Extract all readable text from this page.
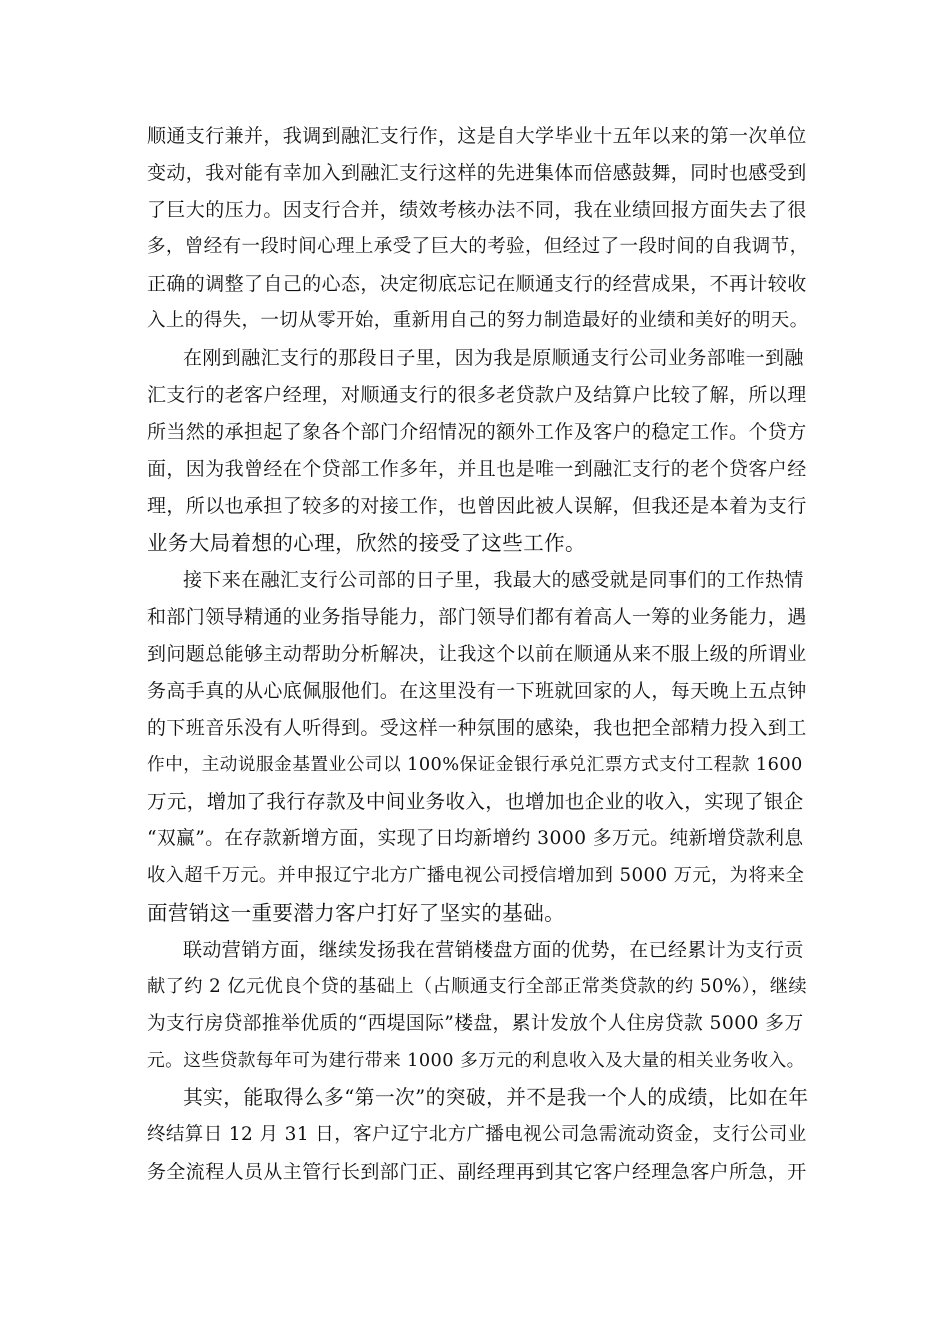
顺通支行兼并，我调到融汇支行作，这是自大学毕业十五年以来的第一次单位
变动，我对能有幸加入到融汇支行这样的先进集体而倍感鼓舞，同时也感受到
了巨大的压力。因支行合并，绩效考核办法不同，我在业绩回报方面失去了很
多，曾经有一段时间心理上承受了巨大的考验，但经过了一段时间的自我调节，
正确的调整了自己的心态，决定彻底忘记在顺通支行的经营成果，不再计较收
入上的得失，一切从零开始，重新用自己的努力制造最好的业绩和美好的明天。
在刚到融汇支行的那段日子里，因为我是原顺通支行公司业务部唯一到融
汇支行的老客户经理，对顺通支行的很多老贷款户及结算户比较了解，所以理
所当然的承担起了象各个部门介绍情况的额外工作及客户的稳定工作。个贷方
面，因为我曾经在个贷部工作多年，并且也是唯一到融汇支行的老个贷客户经
理，所以也承担了较多的对接工作，也曾因此被人误解，但我还是本着为支行
业务大局着想的心理，欣然的接受了这些工作。
接下来在融汇支行公司部的日子里，我最大的感受就是同事们的工作热情
和部门领导精通的业务指导能力，部门领导们都有着高人一筹的业务能力，遇
到问题总能够主动帮助分析解决，让我这个以前在顺通从来不服上级的所谓业
务高手真的从心底佩服他们。在这里没有一下班就回家的人，每天晚上五点钟
的下班音乐没有人听得到。受这样一种氛围的感染，我也把全部精力投入到工
作中，主动说服金基置业公司以 100%保证金银行承兑汇票方式支付工程款 1600
万元，增加了我行存款及中间业务收入，也增加也企业的收入，实现了银企
“双赢”。在存款新增方面，实现了日均新增约 3000 多万元。纯新增贷款利息
收入超千万元。并申报辽宁北方广播电视公司授信增加到 5000 万元，为将来全
面营销这一重要潜力客户打好了坚实的基础。
联动营销方面，继续发扬我在营销楼盘方面的优势，在已经累计为支行贡
献了约 2 亿元优良个贷的基础上（占顺通支行全部正常类贷款的约 50%），继续
为支行房贷部推举优质的“西堤国际”楼盘，累计发放个人住房贷款 5000 多万
元。这些贷款每年可为建行带来 1000 多万元的利息收入及大量的相关业务收入。
其实，能取得么多“第一次”的突破，并不是我一个人的成绩，比如在年
终结算日 12 月 31 日，客户辽宁北方广播电视公司急需流动资金，支行公司业
务全流程人员从主管行长到部门正、副经理再到其它客户经理急客户所急，开
